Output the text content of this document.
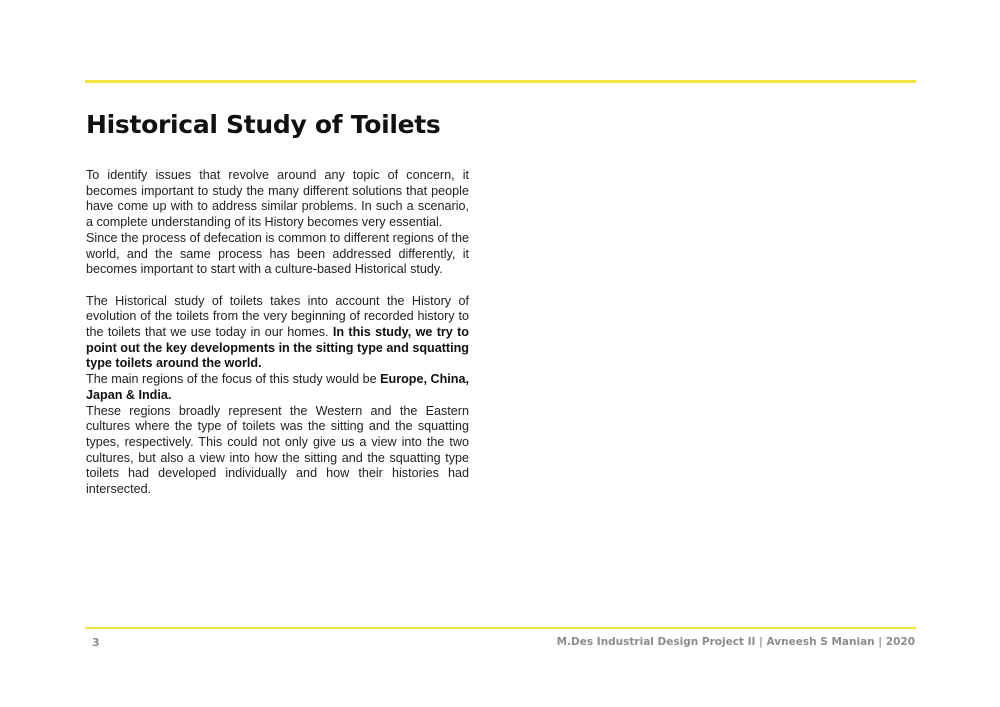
Historical Study of Toilets

To identify issues that revolve around any topic of concern, it becomes important to study the many different solutions that people have come up with to address similar problems. In such a scenario, a complete understanding of its History becomes very essential.

Since the process of defecation is common to different regions of the world, and the same process has been addressed differently, it becomes important to start with a culture-based Historical study.

The Historical study of toilets takes into account the History of evolution of the toilets from the very beginning of recorded history to the toilets that we use today in our homes. In this study, we try to point out the key developments in the sitting type and squatting type toilets around the world.

The main regions of the focus of this study would be Europe, China, Japan & India.

These regions broadly represent the Western and the Eastern cultures where the type of toilets was the sitting and the squatting types, respectively. This could not only give us a view into the two cultures, but also a view into how the sitting and the squatting type toilets had developed individually and how their histories had intersected.

3	M.Des Industrial Design Project II | Avneesh S Manian | 2020
